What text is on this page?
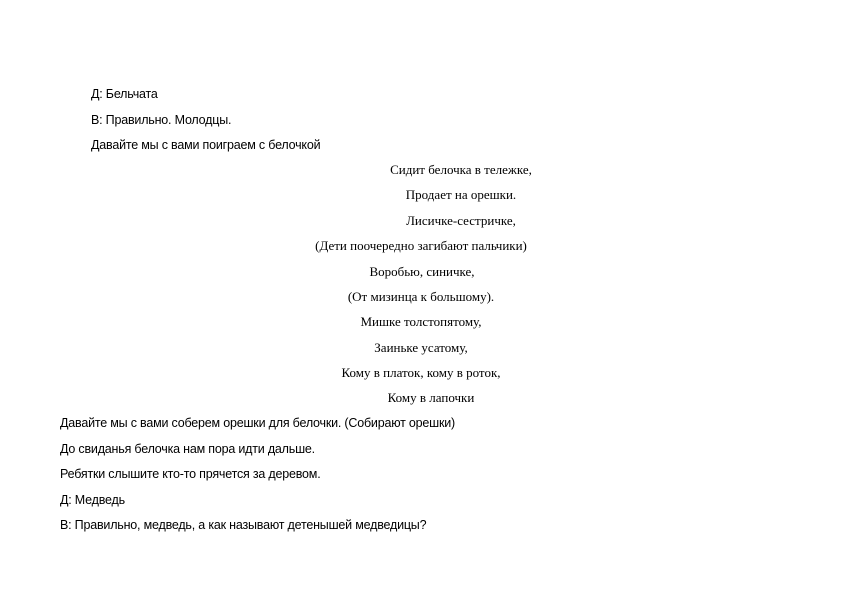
Д: Бельчата
В: Правильно. Молодцы.
Давайте мы с вами поиграем с белочкой
Сидит белочка в тележке,
Продает на орешки.
Лисичке-сестричке,
(Дети поочередно загибают пальчики)
Воробью, синичке,
(От мизинца к большому).
Мишке толстопятому,
Заиньке усатому,
Кому в платок, кому в роток,
Кому в лапочки
Давайте мы с вами соберем орешки для белочки. (Собирают орешки)
До свиданья белочка нам пора идти дальше.
Ребятки слышите кто-то прячется за деревом.
Д: Медведь
В: Правильно, медведь, а как называют детенышей медведицы?
